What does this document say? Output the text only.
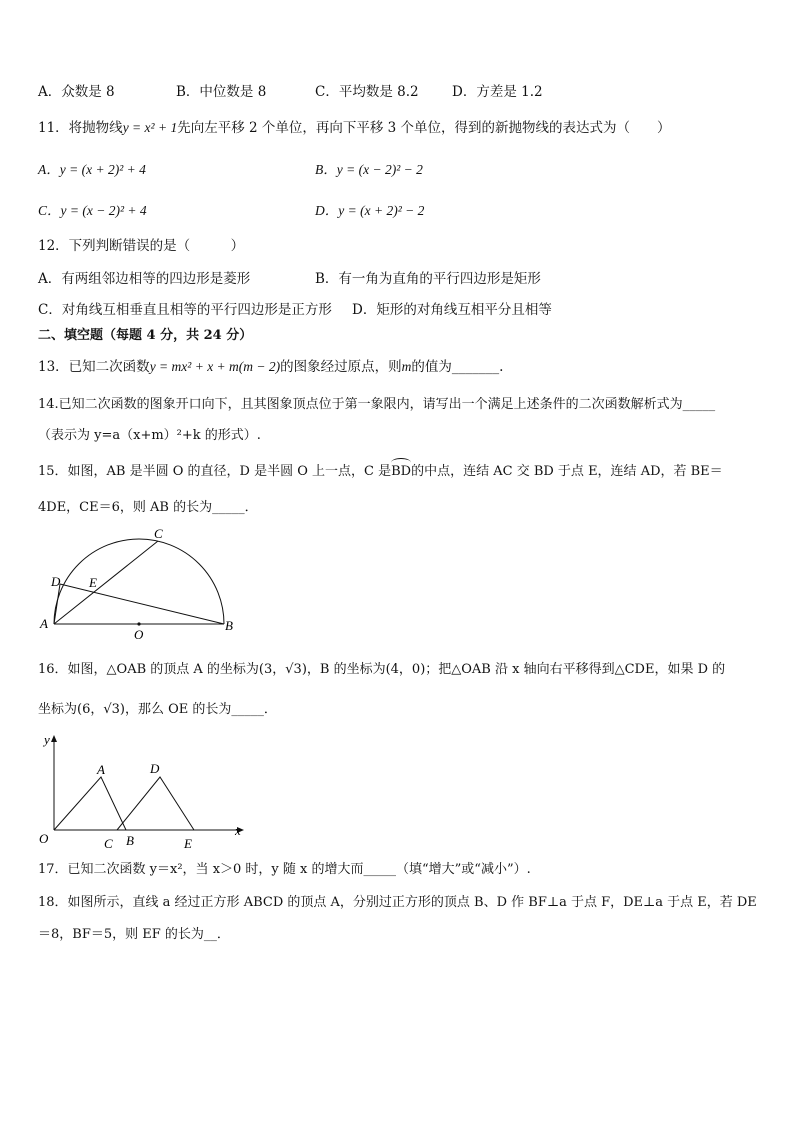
A．众数是 8	B．中位数是 8	C．平均数是 8.2 D．方差是 1.2
11．将抛物线y = x² + 1先向左平移 2 个单位，再向下平移 3 个单位，得到的新抛物线的表达式为（　　）
A．y = (x + 2)² + 4	B．y = (x − 2)² − 2
C．y = (x − 2)² + 4	D．y = (x + 2)² − 2
12．下列判断错误的是（　　　）
A．有两组邻边相等的四边形是菱形	B．有一角为直角的平行四边形是矩形
C．对角线互相垂直且相等的平行四边形是正方形 D．矩形的对角线互相平分且相等
二、填空题（每题 4 分，共 24 分）
13．已知二次函数y = mx² + x + m(m − 2)的图象经过原点，则m的值为_______.
14.已知二次函数的图象开口向下，且其图象顶点位于第一象限内，请写出一个满足上述条件的二次函数解析式为_____
（表示为 y=a（x+m）²+k 的形式）.
15．如图，AB 是半圆 O 的直径，D 是半圆 O 上一点，C 是
BD的中点，连结 AC 交 BD 于点 E，连结 AD，若 BE＝
4DE，CE＝6，则 AB 的长为_____．
A	B
C
D E
O
16．如图，△OAB 的顶点 A 的坐标为(3，√3)，B 的坐标为(4，0)；把△OAB 沿 x 轴向右平移得到△CDE，如果 D 的
坐标为(6，√3)，那么 OE 的长为_____．
y
x
O
A
B
C
D
E
17．已知二次函数 y＝x²，当 x＞0 时，y 随 x 的增大而_____（填“增大”或“减小”）.
18．如图所示，直线 a 经过正方形 ABCD 的顶点 A，分别过正方形的顶点 B、D 作 BF⊥a 于点 F，DE⊥a 于点 E，若 DE
＝8，BF＝5，则 EF 的长为__．
